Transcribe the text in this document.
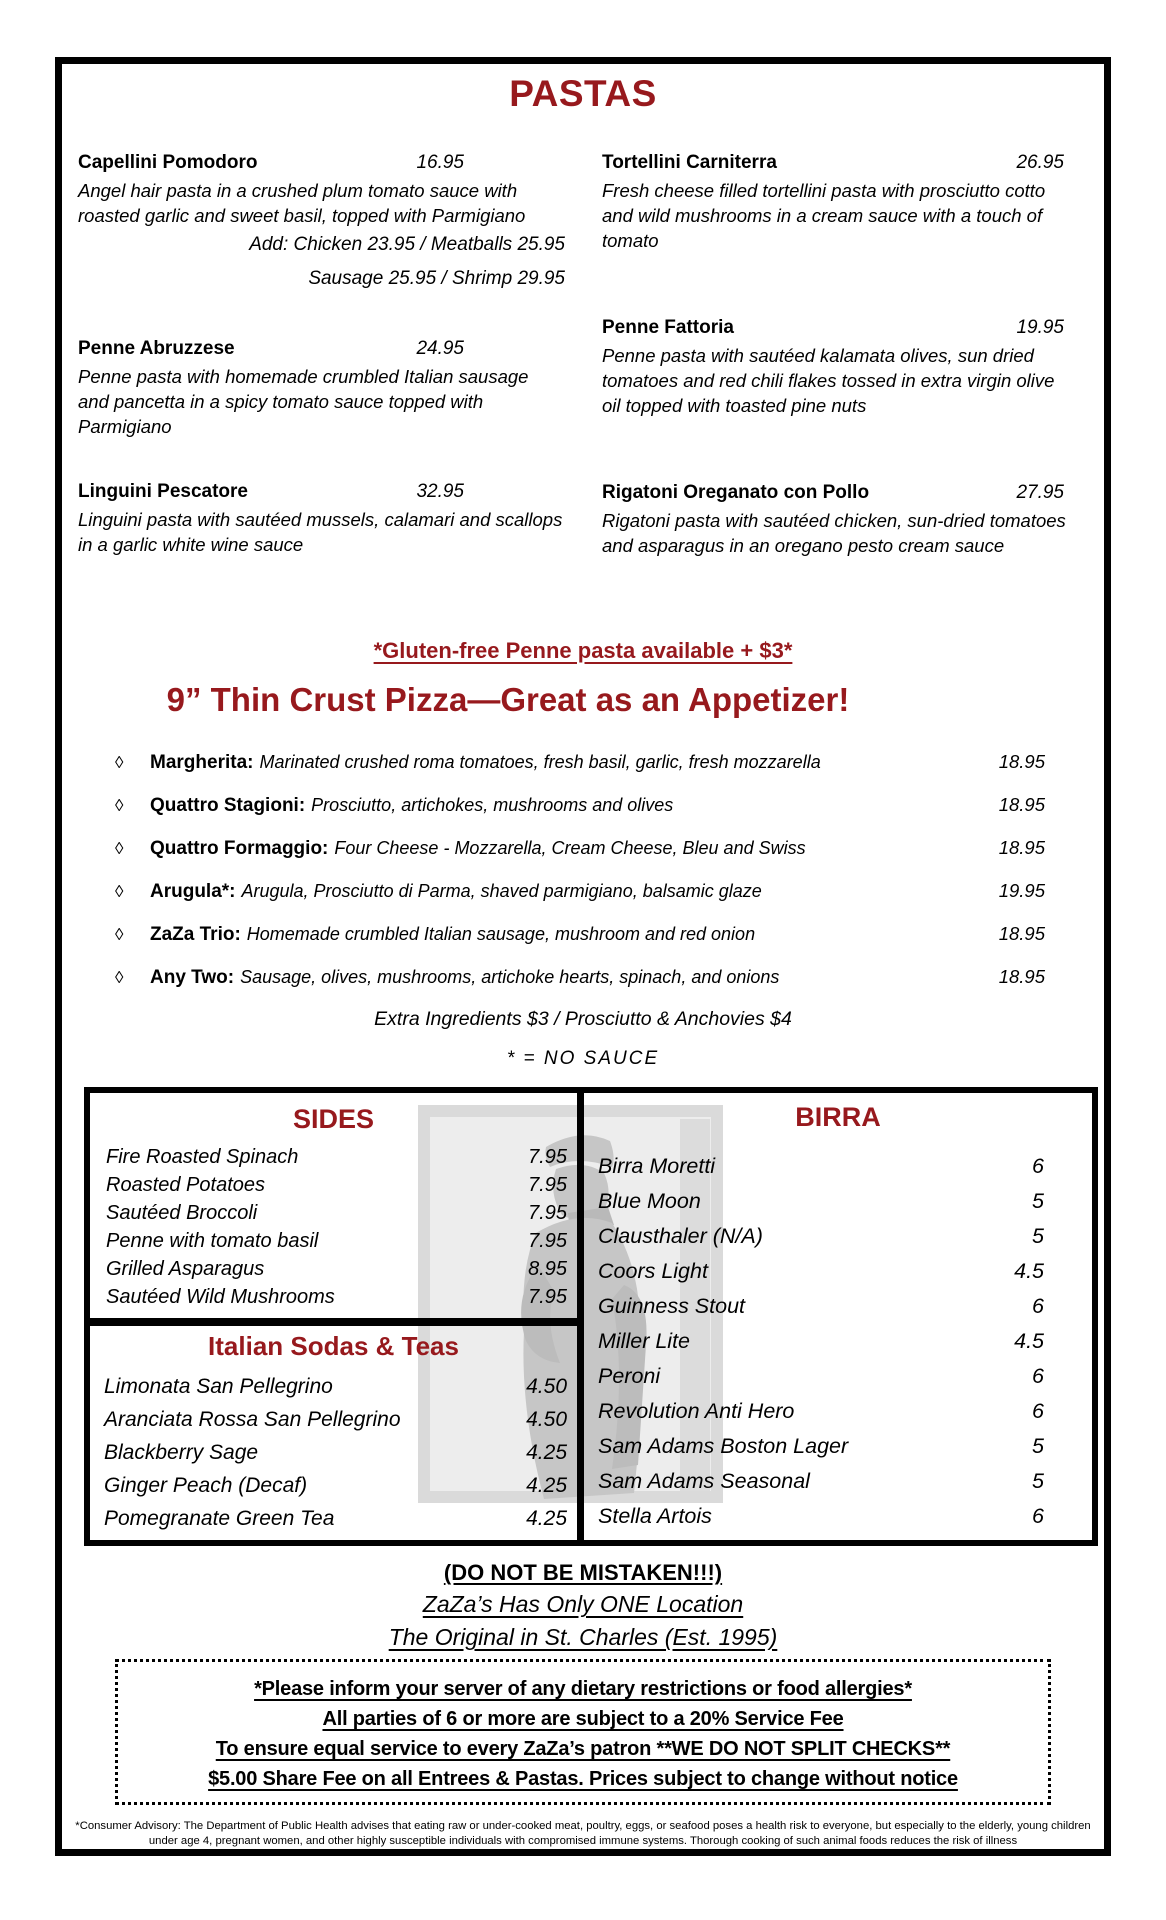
PASTAS
Capellini Pomodoro	16.95
Angel hair pasta in a crushed plum tomato sauce with roasted garlic and sweet basil, topped with Parmigiano
Add: Chicken 23.95 / Meatballs 25.95
Sausage 25.95 / Shrimp 29.95
Penne Abruzzese	24.95
Penne pasta with homemade crumbled Italian sausage and pancetta in a spicy tomato sauce topped with Parmigiano
Linguini Pescatore	32.95
Linguini pasta with sautéed mussels, calamari and scallops in a garlic white wine sauce
Tortellini Carniterra	26.95
Fresh cheese filled tortellini pasta with prosciutto cotto and wild mushrooms in a cream sauce with a touch of tomato
Penne Fattoria	19.95
Penne pasta with sautéed kalamata olives, sun dried tomatoes and red chili flakes tossed in extra virgin olive oil topped with toasted pine nuts
Rigatoni Oreganato con Pollo	27.95
Rigatoni pasta with sautéed chicken, sun-dried tomatoes and asparagus in an oregano pesto cream sauce
*Gluten-free Penne pasta available + $3*
9” Thin Crust Pizza—Great as an Appetizer!
◊	Margherita: Marinated crushed roma tomatoes, fresh basil, garlic, fresh mozzarella	18.95
◊	Quattro Stagioni: Prosciutto, artichokes, mushrooms and olives	18.95
◊	Quattro Formaggio: Four Cheese - Mozzarella, Cream Cheese, Bleu and Swiss	18.95
◊	Arugula*: Arugula, Prosciutto di Parma, shaved parmigiano, balsamic glaze	19.95
◊	ZaZa Trio: Homemade crumbled Italian sausage, mushroom and red onion	18.95
◊	Any Two: Sausage, olives, mushrooms, artichoke hearts, spinach, and onions	18.95
Extra Ingredients $3 / Prosciutto & Anchovies $4
* = NO SAUCE
SIDES
Fire Roasted Spinach	7.95
Roasted Potatoes	7.95
Sautéed Broccoli	7.95
Penne with tomato basil	7.95
Grilled Asparagus	8.95
Sautéed Wild Mushrooms	7.95
Italian Sodas & Teas
Limonata San Pellegrino	4.50
Aranciata Rossa San Pellegrino	4.50
Blackberry Sage	4.25
Ginger Peach (Decaf)	4.25
Pomegranate Green Tea	4.25
BIRRA
Birra Moretti	6
Blue Moon	5
Clausthaler (N/A)	5
Coors Light	4.5
Guinness Stout	6
Miller Lite	4.5
Peroni	6
Revolution Anti Hero	6
Sam Adams Boston Lager	5
Sam Adams Seasonal	5
Stella Artois	6
(DO NOT BE MISTAKEN!!!)
ZaZa’s Has Only ONE Location
The Original in St. Charles (Est. 1995)
*Please inform your server of any dietary restrictions or food allergies*
All parties of 6 or more are subject to a 20% Service Fee
To ensure equal service to every ZaZa’s patron **WE DO NOT SPLIT CHECKS**
$5.00 Share Fee on all Entrees & Pastas. Prices subject to change without notice
*Consumer Advisory: The Department of Public Health advises that eating raw or under-cooked meat, poultry, eggs, or seafood poses a health risk to everyone, but especially to the elderly, young children
under age 4, pregnant women, and other highly susceptible individuals with compromised immune systems. Thorough cooking of such animal foods reduces the risk of illness
